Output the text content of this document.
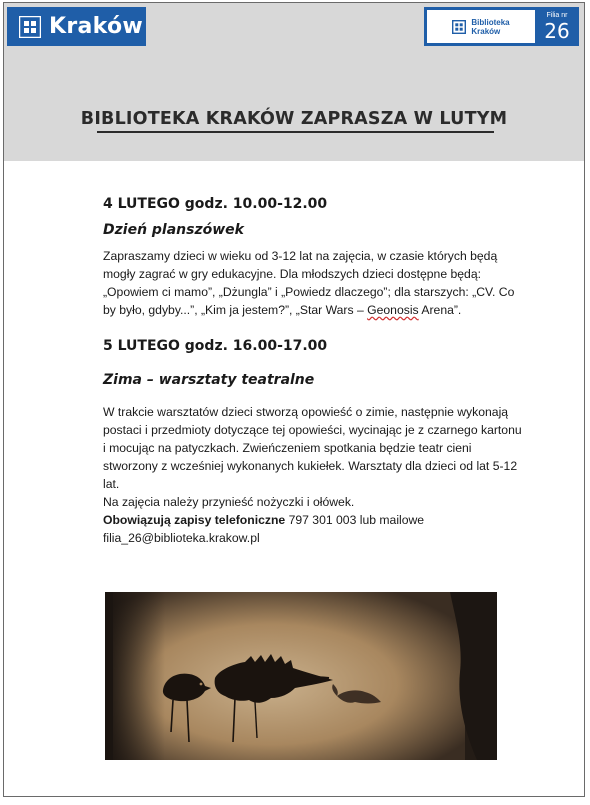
Kraków	Biblioteka
Kraków
Filia nr
26
BIBLIOTEKA KRAKÓW ZAPRASZA W LUTYM
4 LUTEGO godz. 10.00-12.00
Dzień planszówek
Zapraszamy dzieci w wieku od 3-12 lat na zajęcia, w czasie których będą mogły zagrać w gry edukacyjne. Dla młodszych dzieci dostępne będą: „Opowiem ci mamo”, „Dżungla” i „Powiedz dlaczego”; dla starszych: „CV. Co by było, gdyby...”, „Kim ja jestem?”, „Star Wars – Geonosis Arena”.
5 LUTEGO godz. 16.00-17.00
Zima – warsztaty teatralne

W trakcie warsztatów dzieci stworzą opowieść o zimie, następnie wykonają postaci i przedmioty dotyczące tej opowieści, wycinając je z czarnego kartonu i mocując na patyczkach. Zwieńczeniem spotkania będzie teatr cieni stworzony z wcześniej wykonanych kukiełek. Warsztaty dla dzieci od lat 5-12 lat.

Na zajęcia należy przynieść nożyczki i ołówek.

Obowiązują zapisy telefoniczne 797 301 003 lub mailowe

filia_26@biblioteka.krakow.pl
